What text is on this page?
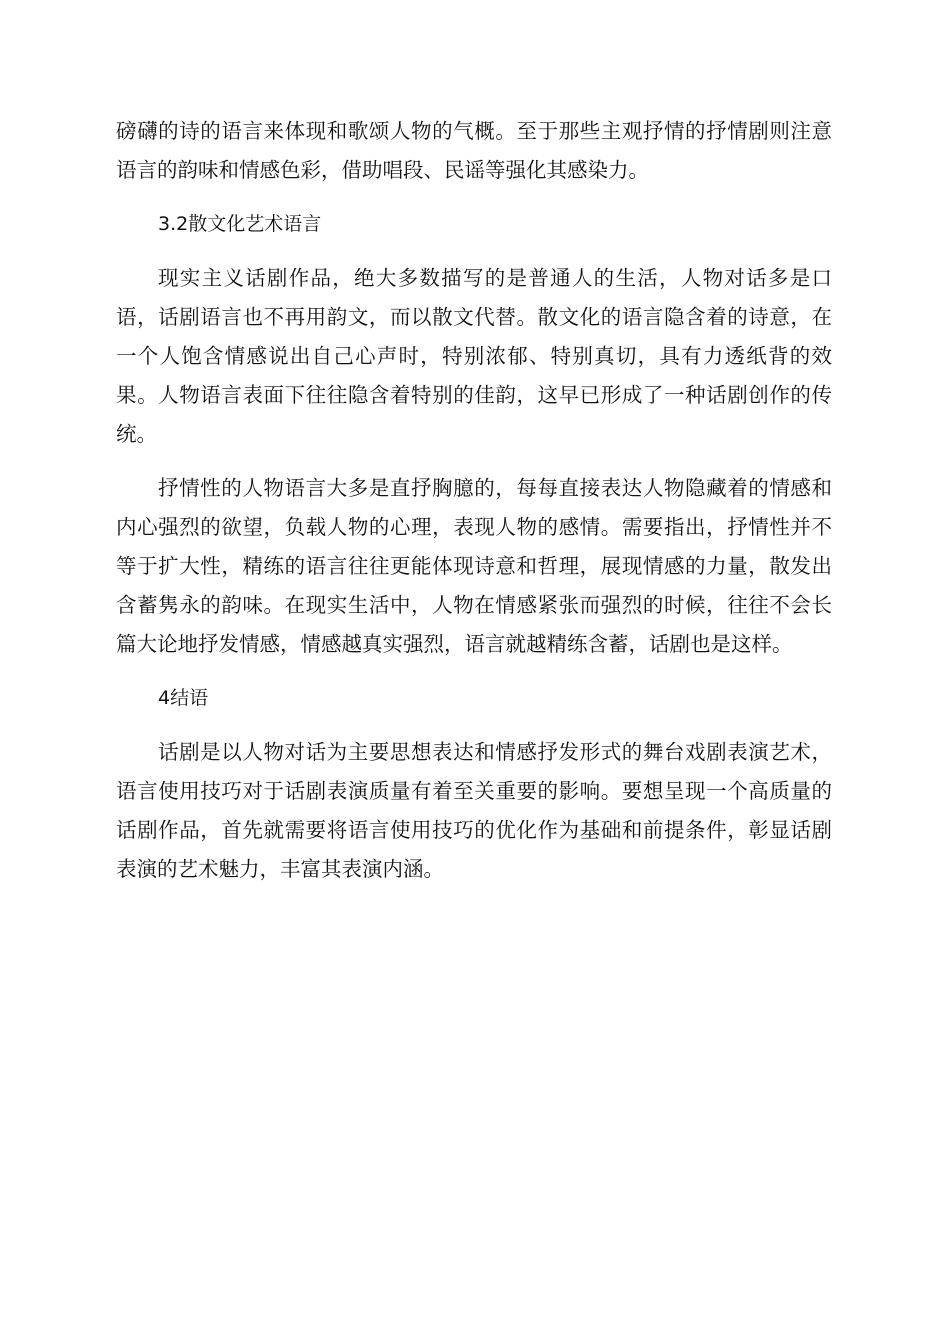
磅礴的诗的语言来体现和歌颂人物的气概。至于那些主观抒情的抒情剧则注意语言的韵味和情感色彩，借助唱段、民谣等强化其感染力。

3.2散文化艺术语言

现实主义话剧作品，绝大多数描写的是普通人的生活，人物对话多是口语，话剧语言也不再用韵文，而以散文代替。散文化的语言隐含着的诗意，在一个人饱含情感说出自己心声时，特别浓郁、特别真切，具有力透纸背的效果。人物语言表面下往往隐含着特别的佳韵，这早已形成了一种话剧创作的传统。

抒情性的人物语言大多是直抒胸臆的，每每直接表达人物隐藏着的情感和内心强烈的欲望，负载人物的心理，表现人物的感情。需要指出，抒情性并不等于扩大性，精练的语言往往更能体现诗意和哲理，展现情感的力量，散发出含蓄隽永的韵味。在现实生活中，人物在情感紧张而强烈的时候，往往不会长篇大论地抒发情感，情感越真实强烈，语言就越精练含蓄，话剧也是这样。

4结语

话剧是以人物对话为主要思想表达和情感抒发形式的舞台戏剧表演艺术，语言使用技巧对于话剧表演质量有着至关重要的影响。要想呈现一个高质量的话剧作品，首先就需要将语言使用技巧的优化作为基础和前提条件，彰显话剧表演的艺术魅力，丰富其表演内涵。
